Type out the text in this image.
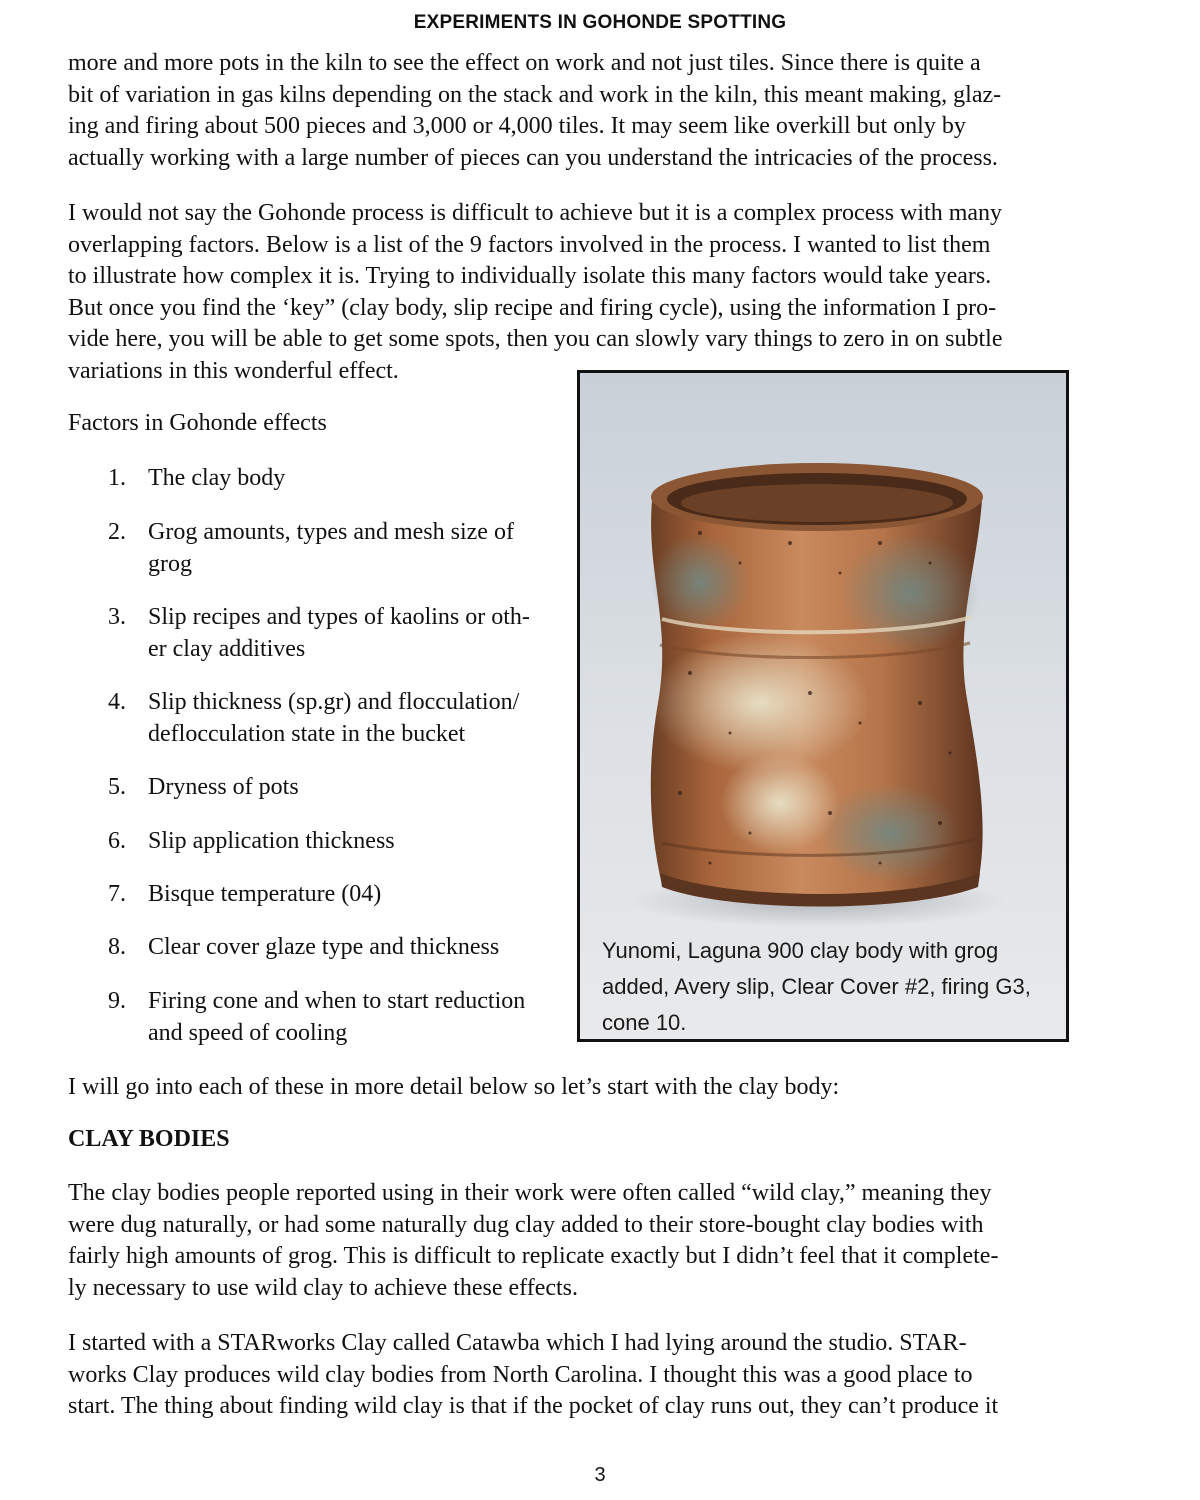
EXPERIMENTS IN GOHONDE SPOTTING
more and more pots in the kiln to see the effect on work and not just tiles. Since there is quite a
bit of variation in gas kilns depending on the stack and work in the kiln, this meant making, glaz-
ing and firing about 500 pieces and 3,000 or 4,000 tiles. It may seem like overkill but only by
actually working with a large number of pieces can you understand the intricacies of the process.
I would not say the Gohonde process is difficult to achieve but it is a complex process with many
overlapping factors. Below is a list of the 9 factors involved in the process. I wanted to list them
to illustrate how complex it is. Trying to individually isolate this many factors would take years.
But once you find the ‘key” (clay body, slip recipe and firing cycle), using the information I pro-
vide here, you will be able to get some spots, then you can slowly vary things to zero in on subtle
variations in this wonderful effect.
Factors in Gohonde effects
1. The clay body
2. Grog amounts, types and mesh size of
grog
3. Slip recipes and types of kaolins or oth-
er clay additives
4. Slip thickness (sp.gr) and flocculation/
deflocculation state in the bucket
5. Dryness of pots
6. Slip application thickness
7. Bisque temperature (04)
8. Clear cover glaze type and thickness
9. Firing cone and when to start reduction
and speed of cooling
Yunomi, Laguna 900 clay body with grog
added, Avery slip, Clear Cover #2, firing G3,
cone 10.
I will go into each of these in more detail below so let’s start with the clay body:
CLAY BODIES
The clay bodies people reported using in their work were often called “wild clay,” meaning they
were dug naturally, or had some naturally dug clay added to their store-bought clay bodies with
fairly high amounts of grog. This is difficult to replicate exactly but I didn’t feel that it complete-
ly necessary to use wild clay to achieve these effects.
I started with a STARworks Clay called Catawba which I had lying around the studio. STAR-
works Clay produces wild clay bodies from North Carolina. I thought this was a good place to
start. The thing about finding wild clay is that if the pocket of clay runs out, they can’t produce it
3
